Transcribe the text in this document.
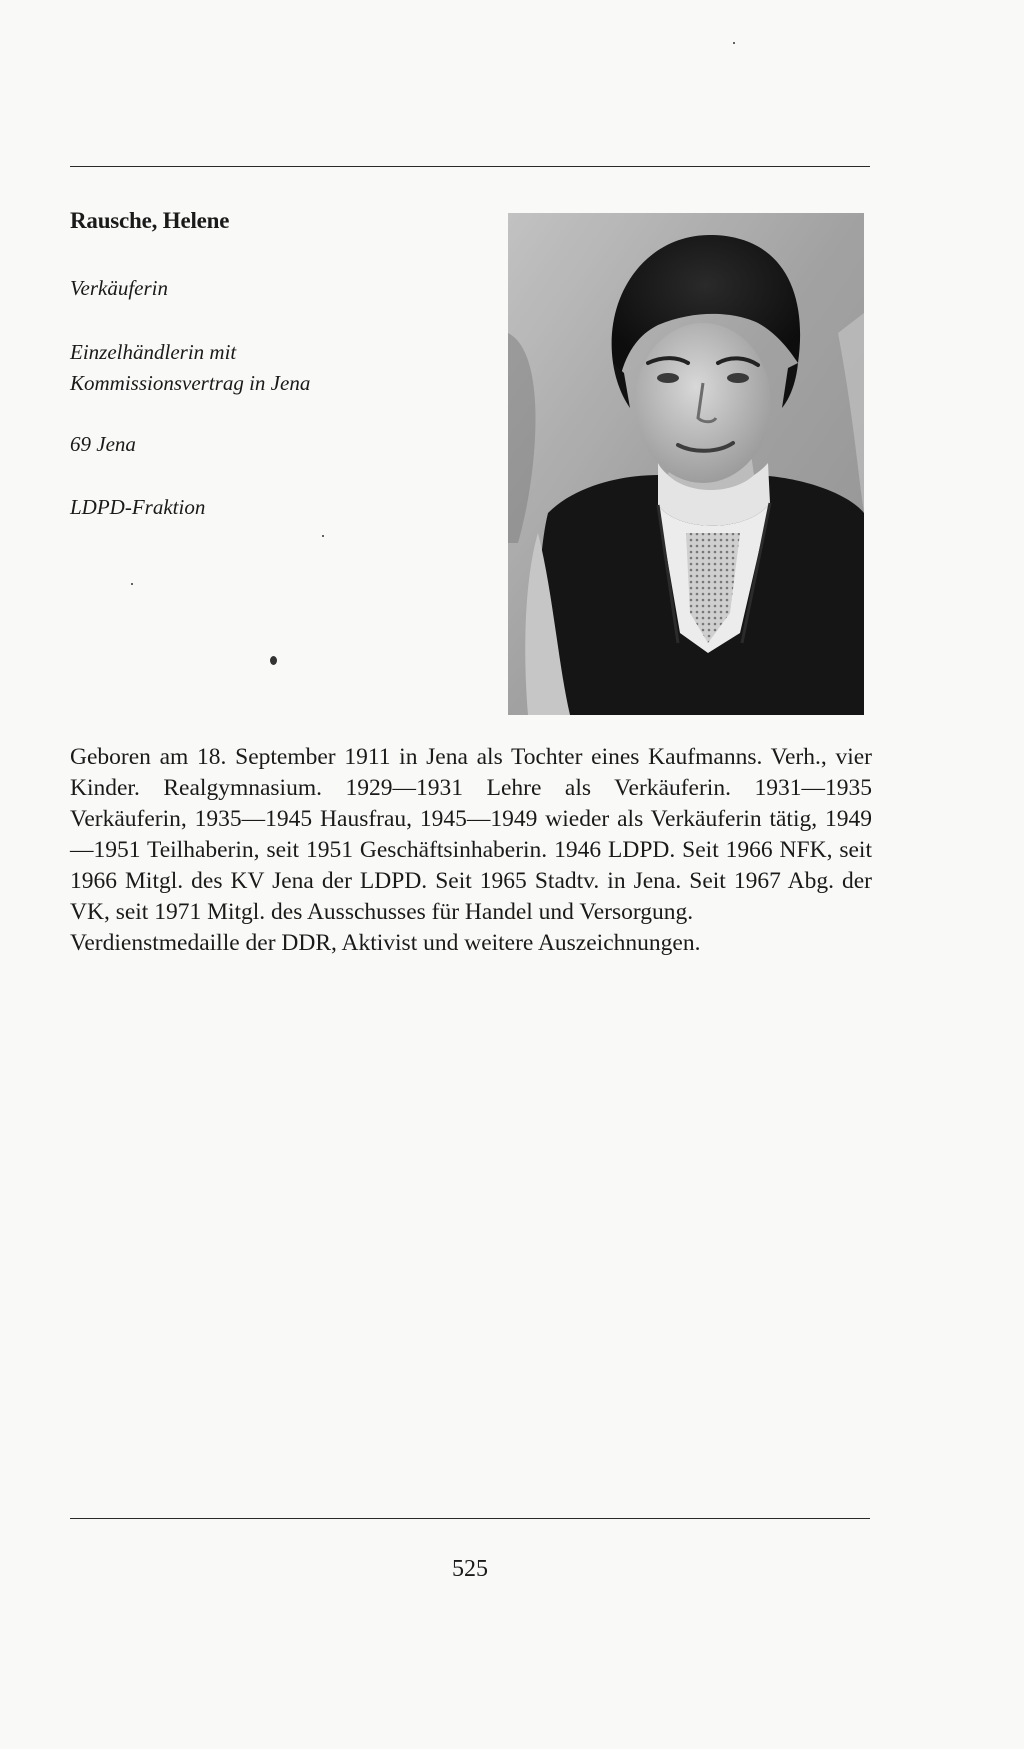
Rausche, Helene
Verkäuferin
Einzelhändlerin mit Kommissionsvertrag in Jena
69 Jena
LDPD-Fraktion

Geboren am 18. September 1911 in Jena als Tochter eines Kaufmanns. Verh., vier Kinder. Realgymnasium. 1929—1931 Lehre als Verkäuferin. 1931—1935 Verkäuferin, 1935—1945 Hausfrau, 1945—1949 wieder als Verkäuferin tätig, 1949—1951 Teilhaberin, seit 1951 Geschäftsinhaberin. 1946 LDPD. Seit 1966 NFK, seit 1966 Mitgl. des KV Jena der LDPD. Seit 1965 Stadtv. in Jena. Seit 1967 Abg. der VK, seit 1971 Mitgl. des Ausschusses für Handel und Versorgung.

Verdienstmedaille der DDR, Aktivist und weitere Auszeichnungen.
525
